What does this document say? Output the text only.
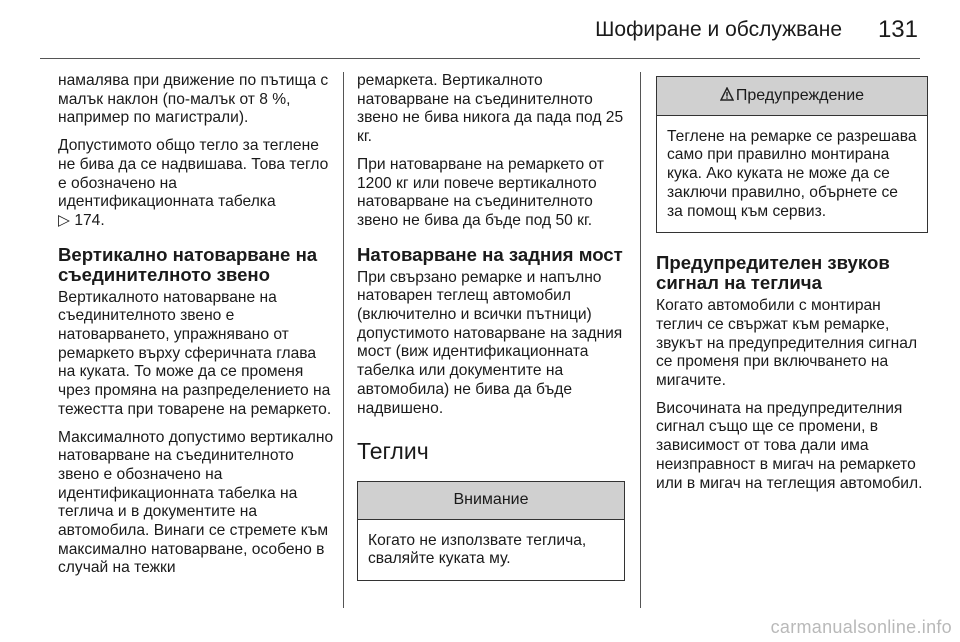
Шофиране и обслужване 131

намалява при движение по пътища с малък наклон (по-малък от 8 %, например по магистрали).

Допустимото общо тегло за теглене не бива да се надвишава. Това тегло е обозначено на идентификационната табелка
▷ 174.

Вертикално натоварване на съединителното звено

Вертикалното натоварване на съединителното звено е натоварването, упражнявано от ремаркето върху сферичната глава на куката. То може да се променя чрез промяна на разпределението на тежестта при товарене на ремаркето.

Максималното допустимо вертикално натоварване на съединителното звено е обозначено на идентификационната табелка на теглича и в документите на автомобила. Винаги се стремете към максимално натоварване, особено в случай на тежки

ремаркета. Вертикалното натоварване на съединителното звено не бива никога да пада под 25 кг.

При натоварване на ремаркето от 1200 кг или повече вертикалното натоварване на съединителното звено не бива да бъде под 50 кг.

Натоварване на задния мост

При свързано ремарке и напълно натоварен теглещ автомобил (включително и всички пътници) допустимото натоварване на задния мост (виж идентификационната табелка или документите на автомобила) не бива да бъде надвишено.

Теглич
Внимание

Когато не използвате теглича, сваляйте куката му.

Предупреждение

Теглене на ремарке се разрешава само при правилно монтирана кука. Ако куката не може да се заключи правилно, обърнете се за помощ към сервиз.

Предупредителен звуков сигнал на теглича

Когато автомобили с монтиран теглич се свържат към ремарке, звукът на предупредителния сигнал се променя при включването на мигачите.

Височината на предупредителния сигнал също ще се промени, в зависимост от това дали има неизправност в мигач на ремаркето или в мигач на теглещия автомобил.

carmanualsonline.info
